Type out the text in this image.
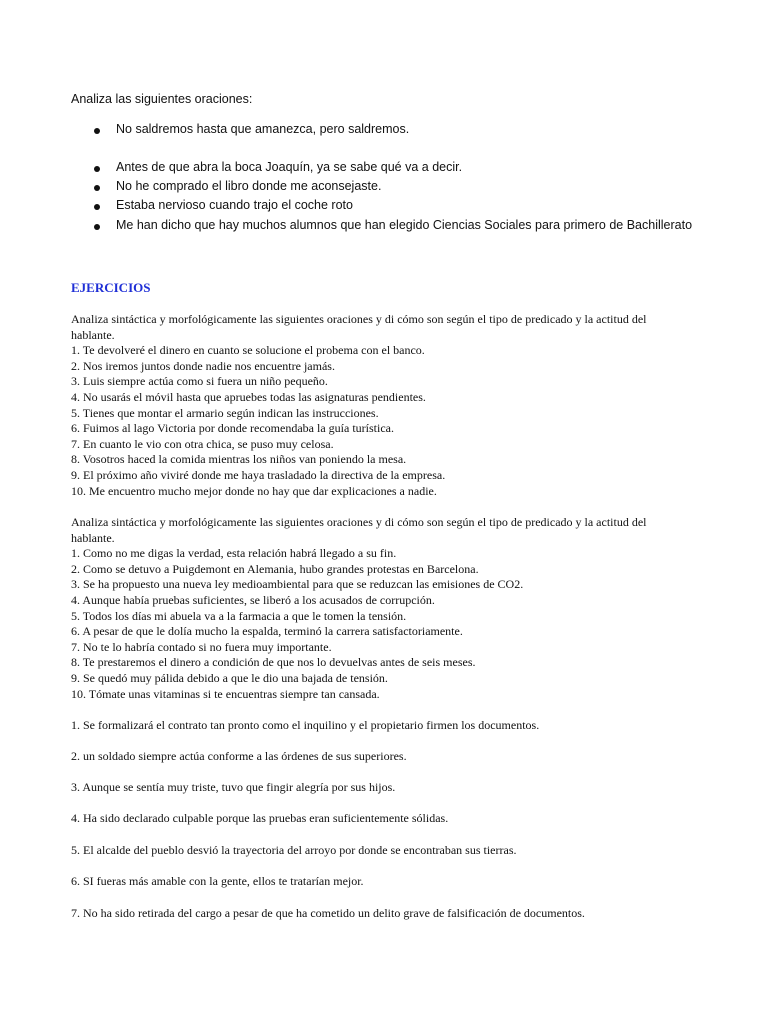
Analiza las siguientes oraciones:
No saldremos hasta que amanezca, pero saldremos.
Antes de que abra la boca Joaquín, ya se sabe qué va a decir.
No he comprado el libro donde me aconsejaste.
Estaba nervioso cuando trajo el coche roto
Me han dicho que hay muchos alumnos que han elegido Ciencias Sociales para primero de Bachillerato
EJERCICIOS

Analiza sintáctica y morfológicamente las siguientes oraciones y di cómo son según el tipo de predicado y la actitud del hablante.

1. Te devolveré el dinero en cuanto se solucione el probema con el banco.
2. Nos iremos juntos donde nadie nos encuentre jamás.
3. Luis siempre actúa como si fuera un niño pequeño.
4. No usarás el móvil hasta que apruebes todas las asignaturas pendientes.
5. Tienes que montar el armario según indican las instrucciones.
6. Fuimos al lago Victoria por donde recomendaba la guía turística.
7. En cuanto le vio con otra chica, se puso muy celosa.
8. Vosotros haced la comida mientras los niños van poniendo la mesa.
9. El próximo año viviré donde me haya trasladado la directiva de la empresa.
10. Me encuentro mucho mejor donde no hay que dar explicaciones a nadie.

Analiza sintáctica y morfológicamente las siguientes oraciones y di cómo son según el tipo de predicado y la actitud del hablante.

1. Como no me digas la verdad, esta relación habrá llegado a su fin.
2. Como se detuvo a Puigdemont en Alemania, hubo grandes protestas en Barcelona.
3. Se ha propuesto una nueva ley medioambiental para que se reduzcan las emisiones de CO2.
4. Aunque había pruebas suficientes, se liberó a los acusados de corrupción.
5. Todos los días mi abuela va a la farmacia a que le tomen la tensión.
6. A pesar de que le dolía mucho la espalda, terminó la carrera satisfactoriamente.
7. No te lo habría contado si no fuera muy importante.
8. Te prestaremos el dinero a condición de que nos lo devuelvas antes de seis meses.
9. Se quedó muy pálida debido a que le dio una bajada de tensión.
10. Tómate unas vitaminas si te encuentras siempre tan cansada.
1. Se formalizará el contrato tan pronto como el inquilino y el propietario firmen los documentos.
2. un soldado siempre actúa conforme a las órdenes de sus superiores.
3. Aunque se sentía muy triste, tuvo que fingir alegría por sus hijos.
4. Ha sido declarado culpable porque las pruebas eran suficientemente sólidas.
5. El alcalde del pueblo desvió la trayectoria del arroyo por donde se encontraban sus tierras.
6. SI fueras más amable con la gente, ellos te tratarían mejor.
7. No ha sido retirada del cargo a pesar de que ha cometido un delito grave de falsificación de documentos.
